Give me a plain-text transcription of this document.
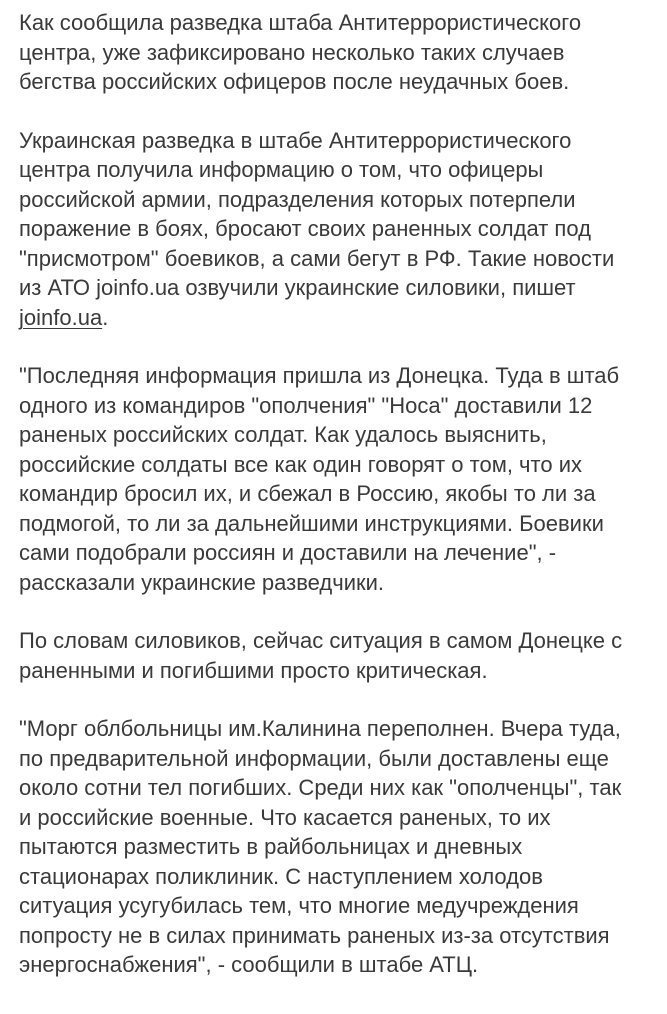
Как сообщила разведка штаба Антитеррористического центра, уже зафиксировано несколько таких случаев бегства российских офицеров после неудачных боев.

Украинская разведка в штабе Антитеррористического центра получила информацию о том, что офицеры российской армии, подразделения которых потерпели поражение в боях, бросают своих раненных солдат под "присмотром" боевиков, а сами бегут в РФ. Такие новости из АТО joinfo.ua озвучили украинские силовики, пишет joinfo.ua.

"Последняя информация пришла из Донецка. Туда в штаб одного из командиров "ополчения" "Носа" доставили 12 раненых российских солдат. Как удалось выяснить, российские солдаты все как один говорят о том, что их командир бросил их, и сбежал в Россию, якобы то ли за подмогой, то ли за дальнейшими инструкциями. Боевики сами подобрали россиян и доставили на лечение", - рассказали украинские разведчики.

По словам силовиков, сейчас ситуация в самом Донецке с раненными и погибшими просто критическая.

"Морг облбольницы им.Калинина переполнен. Вчера туда, по предварительной информации, были доставлены еще около сотни тел погибших. Среди них как "ополченцы", так и российские военные. Что касается раненых, то их пытаются разместить в райбольницах и дневных стационарах поликлиник. С наступлением холодов ситуация усугубилась тем, что многие медучреждения попросту не в силах принимать раненых из-за отсутствия энергоснабжения", - сообщили в штабе АТЦ.
